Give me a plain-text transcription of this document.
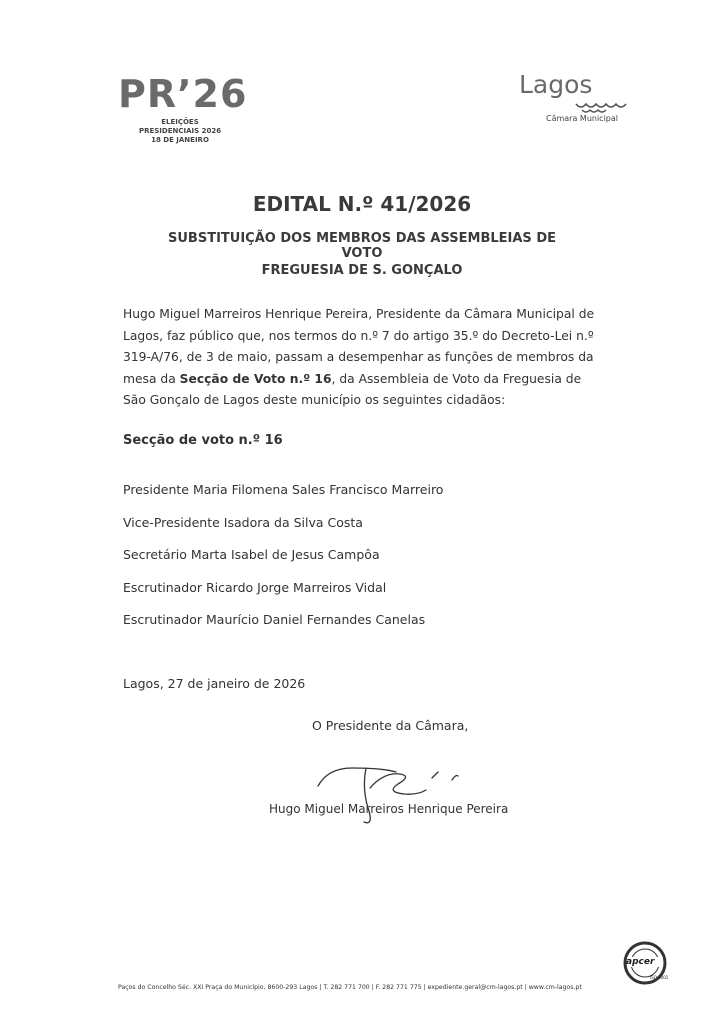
PR’26
ELEIÇÕES
PRESIDENCIAIS 2026
18 DE JANEIRO
Lagos
Câmara Municipal
EDITAL N.º 41/2026
SUBSTITUIÇÃO DOS MEMBROS DAS ASSEMBLEIAS DE
VOTO
FREGUESIA DE S. GONÇALO

Hugo Miguel Marreiros Henrique Pereira, Presidente da Câmara Municipal de Lagos, faz público que, nos termos do n.º 7 do artigo 35.º do Decreto-Lei n.º 319-A/76, de 3 de maio, passam a desempenhar as funções de membros da mesa da Secção de Voto n.º 16, da Assembleia de Voto da Freguesia de São Gonçalo de Lagos deste município os seguintes cidadãos:

Secção de voto n.º 16
Presidente Maria Filomena Sales Francisco Marreiro
Vice-Presidente Isadora da Silva Costa
Secretário Marta Isabel de Jesus Campôa
Escrutinador Ricardo Jorge Marreiros Vidal
Escrutinador Maurício Daniel Fernandes Canelas
Lagos, 27 de janeiro de 2026
O Presidente da Câmara,
Hugo Miguel Marreiros Henrique Pereira
Paços do Concelho Séc. XXI Praça do Município, 8600-293 Lagos | T. 282 771 700 | F. 282 771 775 | expediente.geral@cm-lagos.pt | www.cm-lagos.pt
apcer
ISO 9001
